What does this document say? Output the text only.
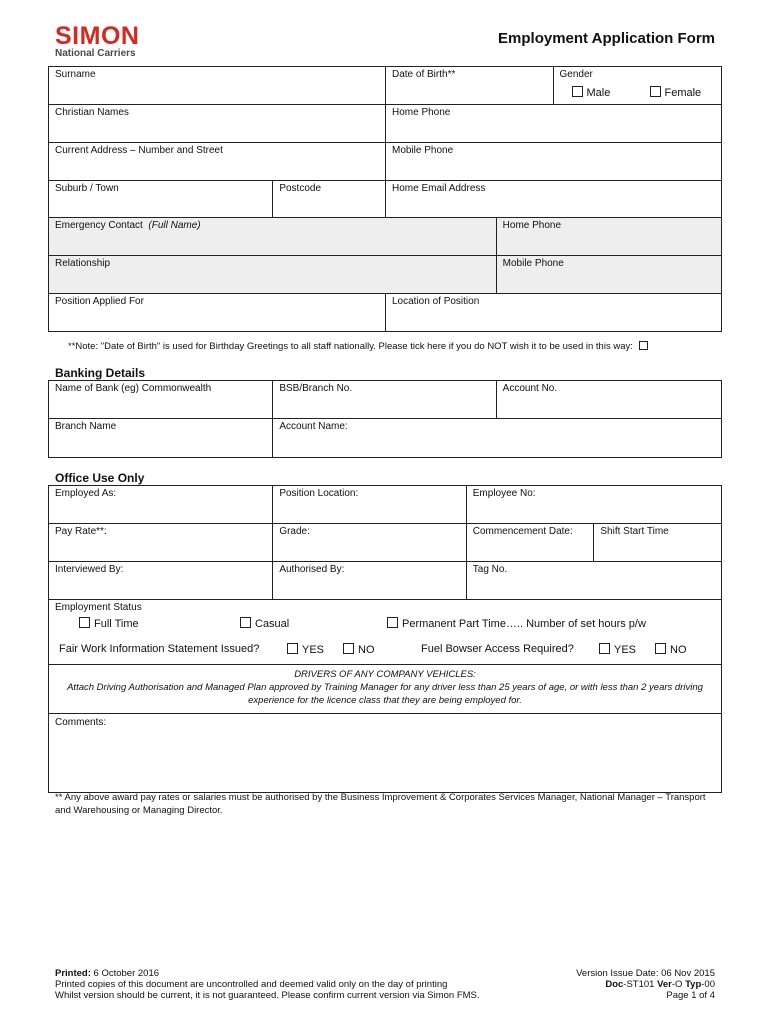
SIMON
National Carriers
Employment Application Form
Surname	Date of Birth**	Gender
Male	Female
Christian Names	Home Phone
Current Address – Number and Street	Mobile Phone
Suburb / Town	Postcode	Home Email Address
Emergency Contact (Full Name)	Home Phone
Relationship	Mobile Phone
Position Applied For	Location of Position
**Note: "Date of Birth" is used for Birthday Greetings to all staff nationally. Please tick here if you do NOT wish it to be used in this way:
Banking Details
Name of Bank (eg) Commonwealth	BSB/Branch No.	Account No.
Branch Name	Account Name:
Office Use Only
Employed As:	Position Location:	Employee No:
Pay Rate**:	Grade:	Commencement Date:	Shift Start Time
Interviewed By:	Authorised By:	Tag No.
Employment Status
Full Time	Casual	Permanent Part Time….. Number of set hours p/w
Fair Work Information Statement Issued?	YES	NO	Fuel Bowser Access Required?	YES	NO
DRIVERS OF ANY COMPANY VEHICLES:
Attach Driving Authorisation and Managed Plan approved by Training Manager for any driver less than 25 years of age, or with less than 2 years driving experience for the licence class that they are being employed for.
Comments:
** Any above award pay rates or salaries must be authorised by the Business Improvement & Corporates Services Manager, National Manager – Transport and Warehousing or Managing Director.
Printed: 6 October 2016
Printed copies of this document are uncontrolled and deemed valid only on the day of printing
Whilst version should be current, it is not guaranteed. Please confirm current version via Simon FMS.
Version Issue Date: 06 Nov 2015
Doc-ST101 Ver-O Typ-00
Page 1 of 4
